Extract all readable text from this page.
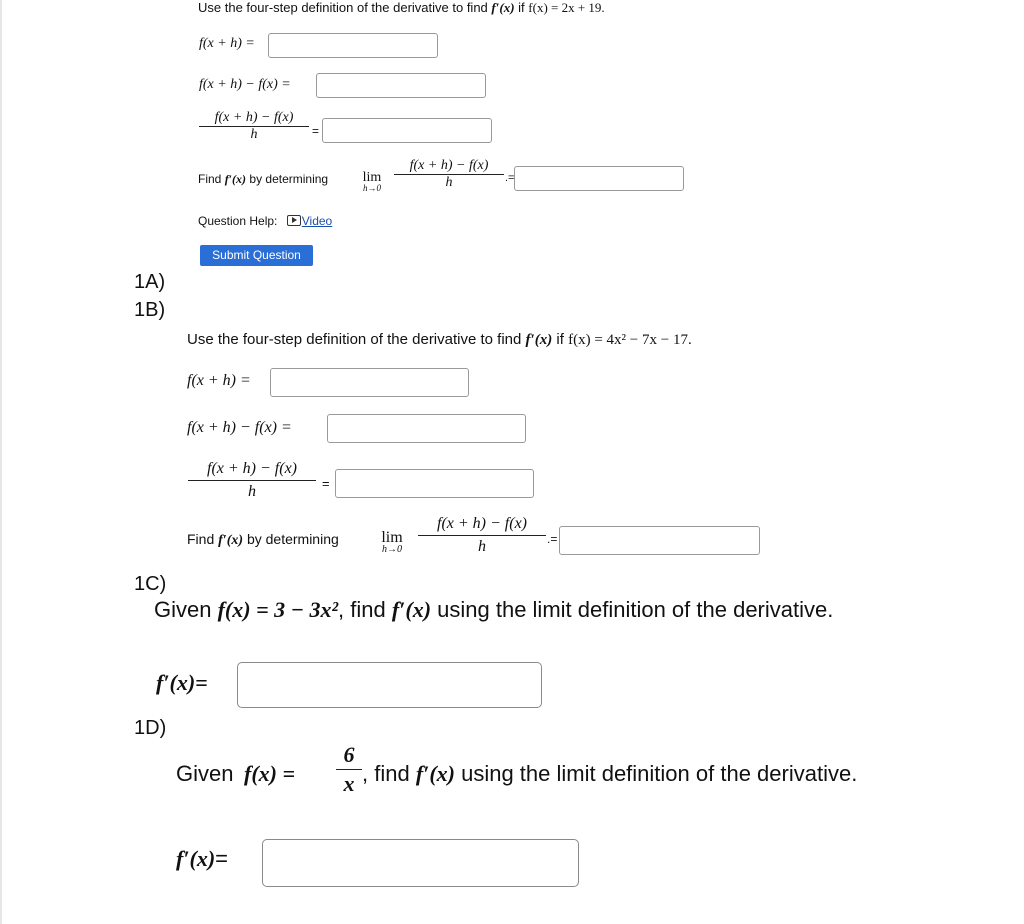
Use the four-step definition of the derivative to find f′(x) if f(x) = 2x + 19.
f(x + h) =
f(x + h) − f(x) =
f(x + h) − f(x)
h	=
Find f′(x) by determining	lim
h→0
f(x + h) − f(x)
h	.=
Question Help: Video
Submit Question
1A)
1B)
Use the four-step definition of the derivative to find f′(x) if f(x) = 4x² − 7x − 17.
f(x + h) =
f(x + h) − f(x) =
f(x + h) − f(x)
h	=
Find f′(x) by determining	lim
h→0
f(x + h) − f(x)
h	.=
1C)
Given f(x) = 3 − 3x², find f′(x) using the limit definition of the derivative.
f′(x)=
1D)
Given f(x) =
6
x , find f′(x) using the limit definition of the derivative.
f′(x)=
